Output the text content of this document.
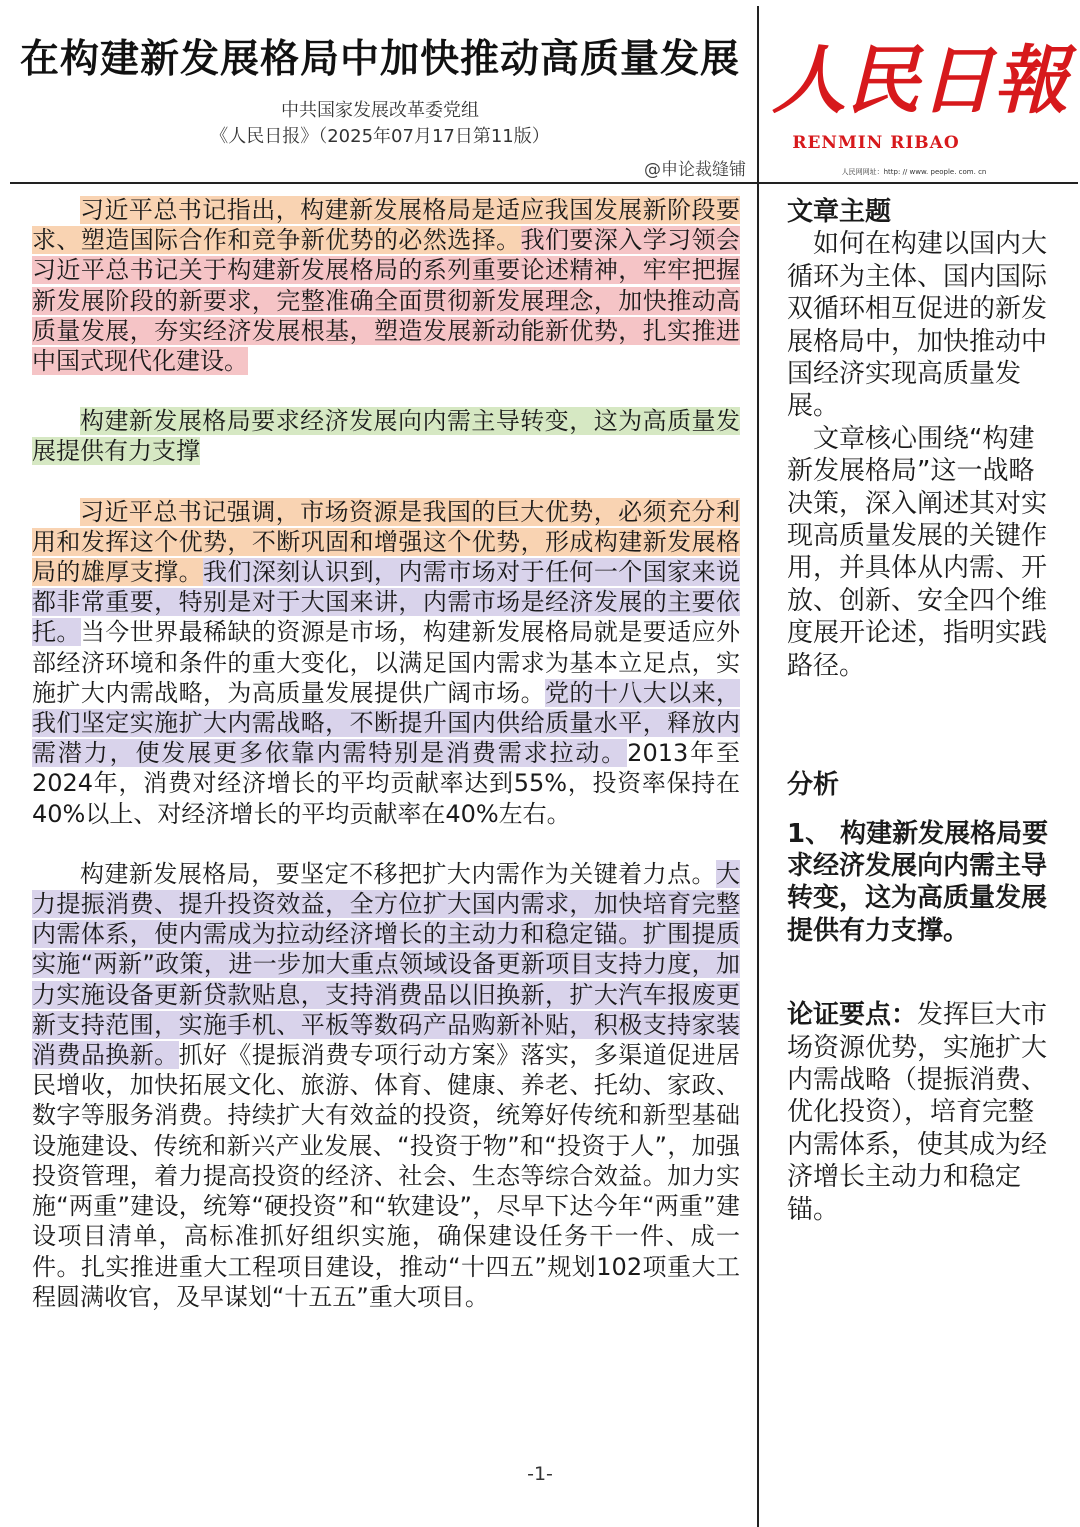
在构建新发展格局中加快推动高质量发展
中共国家发展改革委党组
《人民日报》（2025年07月17日第11版）
@申论裁缝铺
人民日報
RENMIN RIBAO
人民网网址：http: // www. people. com. cn

习近平总书记指出，构建新发展格局是适应我国发展新阶段要求、塑造国际合作和竞争新优势的必然选择。我们要深入学习领会习近平总书记关于构建新发展格局的系列重要论述精神，牢牢把握新发展阶段的新要求，完整准确全面贯彻新发展理念，加快推动高质量发展，夯实经济发展根基，塑造发展新动能新优势，扎实推进中国式现代化建设。

构建新发展格局要求经济发展向内需主导转变，这为高质量发展提供有力支撑

习近平总书记强调，市场资源是我国的巨大优势，必须充分利用和发挥这个优势，不断巩固和增强这个优势，形成构建新发展格局的雄厚支撑。我们深刻认识到，内需市场对于任何一个国家来说都非常重要，特别是对于大国来讲，内需市场是经济发展的主要依托。当今世界最稀缺的资源是市场，构建新发展格局就是要适应外部经济环境和条件的重大变化，以满足国内需求为基本立足点，实施扩大内需战略，为高质量发展提供广阔市场。党的十八大以来，我们坚定实施扩大内需战略，不断提升国内供给质量水平，释放内需潜力，使发展更多依靠内需特别是消费需求拉动。2013年至2024年，消费对经济增长的平均贡献率达到55%，投资率保持在40%以上、对经济增长的平均贡献率在40%左右。

构建新发展格局，要坚定不移把扩大内需作为关键着力点。大力提振消费、提升投资效益，全方位扩大国内需求，加快培育完整内需体系，使内需成为拉动经济增长的主动力和稳定锚。扩围提质实施“两新”政策，进一步加大重点领域设备更新项目支持力度，加力实施设备更新贷款贴息，支持消费品以旧换新，扩大汽车报废更新支持范围，实施手机、平板等数码产品购新补贴，积极支持家装消费品换新。抓好《提振消费专项行动方案》落实，多渠道促进居民增收，加快拓展文化、旅游、体育、健康、养老、托幼、家政、数字等服务消费。持续扩大有效益的投资，统筹好传统和新型基础设施建设、传统和新兴产业发展、“投资于物”和“投资于人”，加强投资管理，着力提高投资的经济、社会、生态等综合效益。加力实施“两重”建设，统筹“硬投资”和“软建设”，尽早下达今年“两重”建设项目清单，高标准抓好组织实施，确保建设任务干一件、成一件。扎实推进重大工程项目建设，推动“十四五”规划102项重大工程圆满收官，及早谋划“十五五”重大项目。

-1-

文章主题

如何在构建以国内大循环为主体、国内国际双循环相互促进的新发展格局中，加快推动中国经济实现高质量发展。

文章核心围绕“构建新发展格局”这一战略决策，深入阐述其对实现高质量发展的关键作用，并具体从内需、开放、创新、安全四个维度展开论述，指明实践路径。

分析

1、 构建新发展格局要求经济发展向内需主导转变，这为高质量发展提供有力支撑。

论证要点：发挥巨大市场资源优势，实施扩大内需战略（提振消费、优化投资），培育完整内需体系，使其成为经济增长主动力和稳定锚。
